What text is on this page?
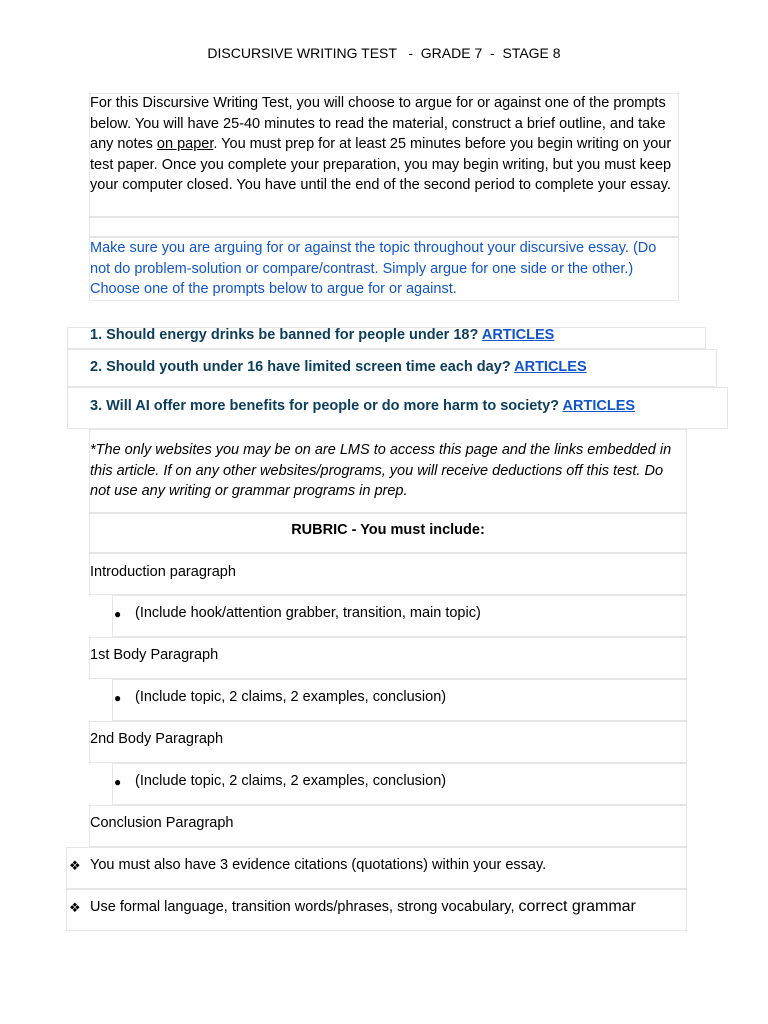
DISCURSIVE WRITING TEST   -  GRADE 7  -  STAGE 8
For this Discursive Writing Test, you will choose to argue for or against one of the prompts below. You will have 25-40 minutes to read the material, construct a brief outline, and take any notes on paper. You must prep for at least 25 minutes before you begin writing on your test paper. Once you complete your preparation, you may begin writing, but you must keep your computer closed. You have until the end of the second period to complete your essay.
Make sure you are arguing for or against the topic throughout your discursive essay. (Do not do problem-solution or compare/contrast. Simply argue for one side or the other.) Choose one of the prompts below to argue for or against.
1. Should energy drinks be banned for people under 18? ARTICLES
2. Should youth under 16 have limited screen time each day? ARTICLES
3. Will AI offer more benefits for people or do more harm to society? ARTICLES
*The only websites you may be on are LMS to access this page and the links embedded in this article. If on any other websites/programs, you will receive deductions off this test. Do not use any writing or grammar programs in prep.
RUBRIC - You must include:
Introduction paragraph
● (Include hook/attention grabber, transition, main topic)
1st Body Paragraph
● (Include topic, 2 claims, 2 examples, conclusion)
2nd Body Paragraph
● (Include topic, 2 claims, 2 examples, conclusion)
Conclusion Paragraph
❖ You must also have 3 evidence citations (quotations) within your essay.
❖ Use formal language, transition words/phrases, strong vocabulary, correct grammar
